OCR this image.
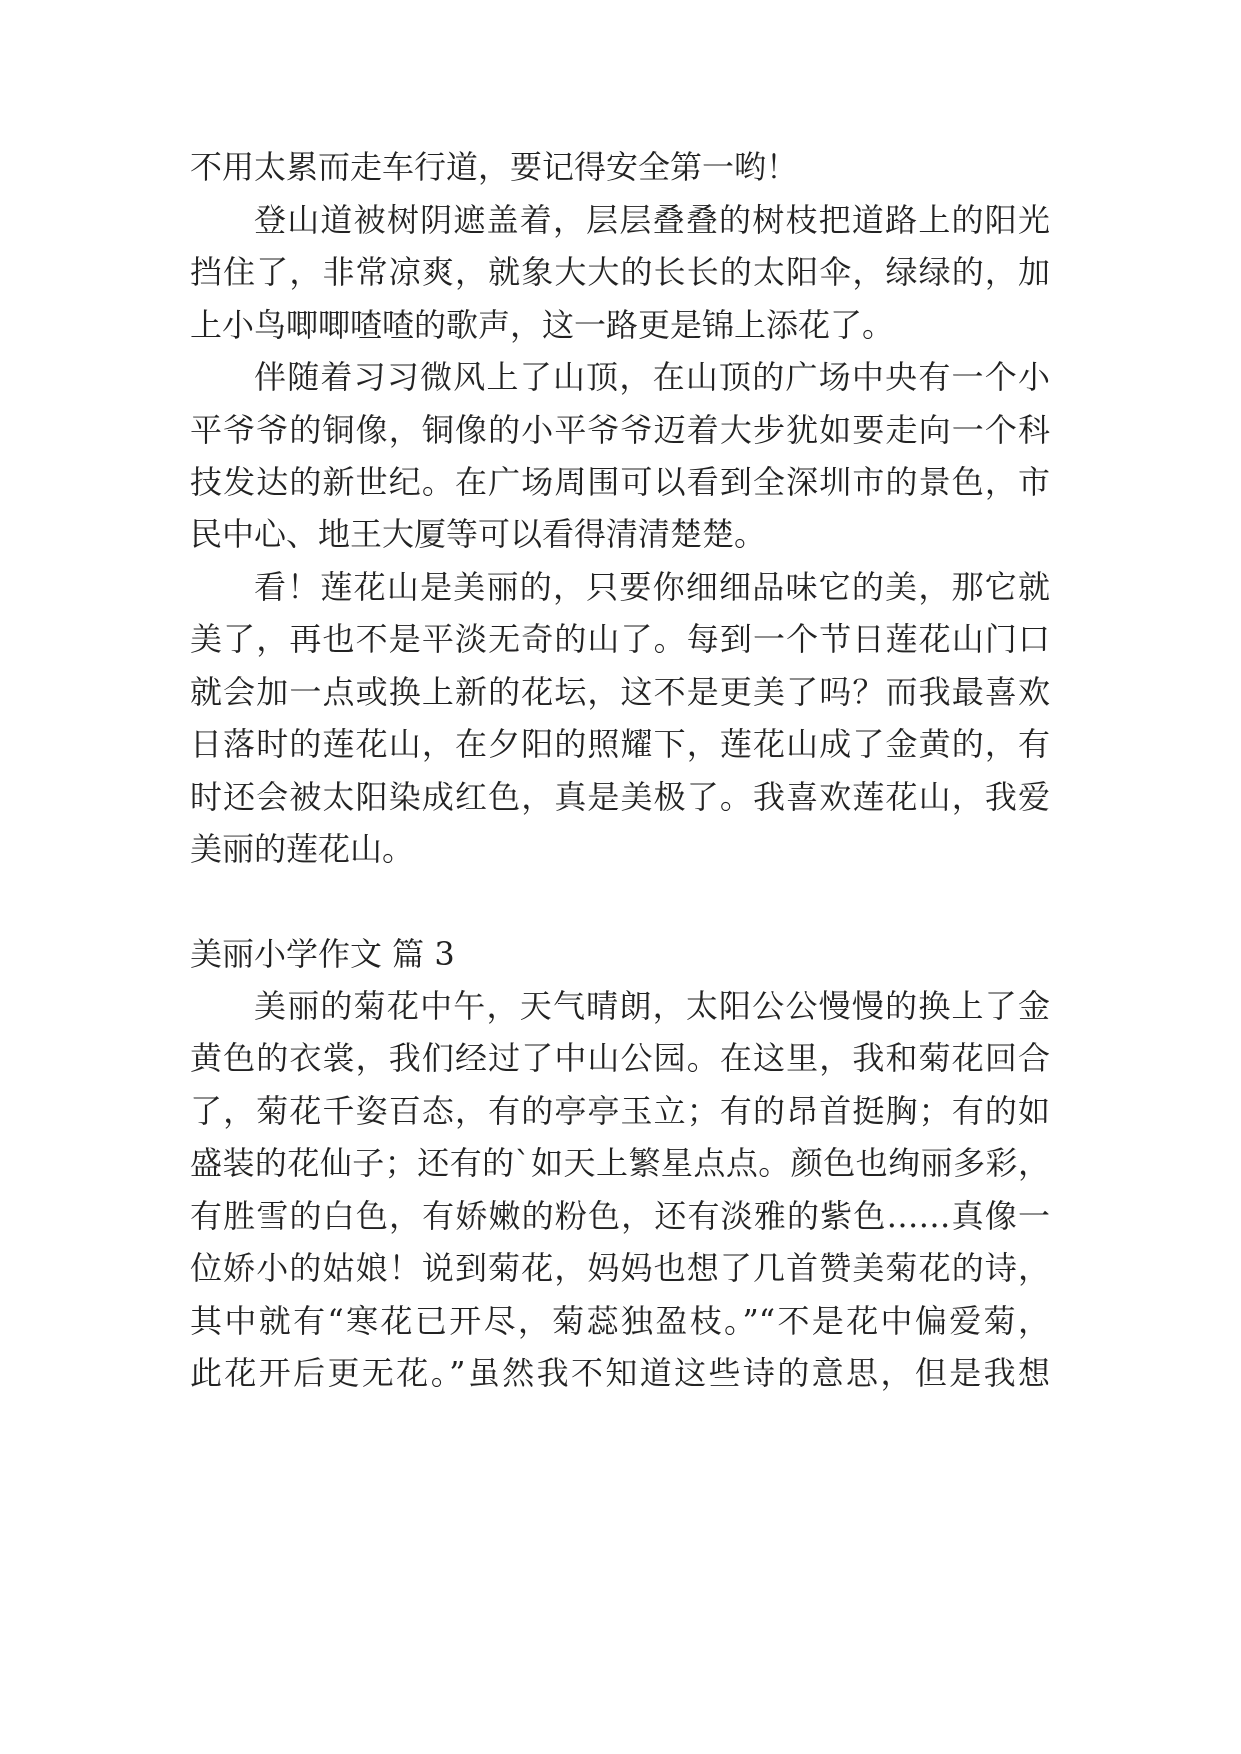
不用太累而走车行道，要记得安全第一哟！
登山道被树阴遮盖着，层层叠叠的树枝把道路上的阳光
挡住了，非常凉爽，就象大大的长长的太阳伞，绿绿的，加
上小鸟唧唧喳喳的歌声，这一路更是锦上添花了。
伴随着习习微风上了山顶，在山顶的广场中央有一个小
平爷爷的铜像，铜像的小平爷爷迈着大步犹如要走向一个科
技发达的新世纪。在广场周围可以看到全深圳市的景色，市
民中心、地王大厦等可以看得清清楚楚。
看！莲花山是美丽的，只要你细细品味它的美，那它就
美了，再也不是平淡无奇的山了。每到一个节日莲花山门口
就会加一点或换上新的花坛，这不是更美了吗？而我最喜欢
日落时的莲花山，在夕阳的照耀下，莲花山成了金黄的，有
时还会被太阳染成红色，真是美极了。我喜欢莲花山，我爱
美丽的莲花山。
美丽小学作文 篇 3
美丽的菊花中午，天气晴朗，太阳公公慢慢的换上了金
黄色的衣裳，我们经过了中山公园。在这里，我和菊花回合
了，菊花千姿百态，有的亭亭玉立；有的昂首挺胸；有的如
盛装的花仙子；还有的`如天上繁星点点。颜色也绚丽多彩，
有胜雪的白色，有娇嫩的粉色，还有淡雅的紫色……真像一
位娇小的姑娘！说到菊花，妈妈也想了几首赞美菊花的诗，
其中就有“寒花已开尽，菊蕊独盈枝。”“不是花中偏爱菊，
此花开后更无花。”虽然我不知道这些诗的意思，但是我想
